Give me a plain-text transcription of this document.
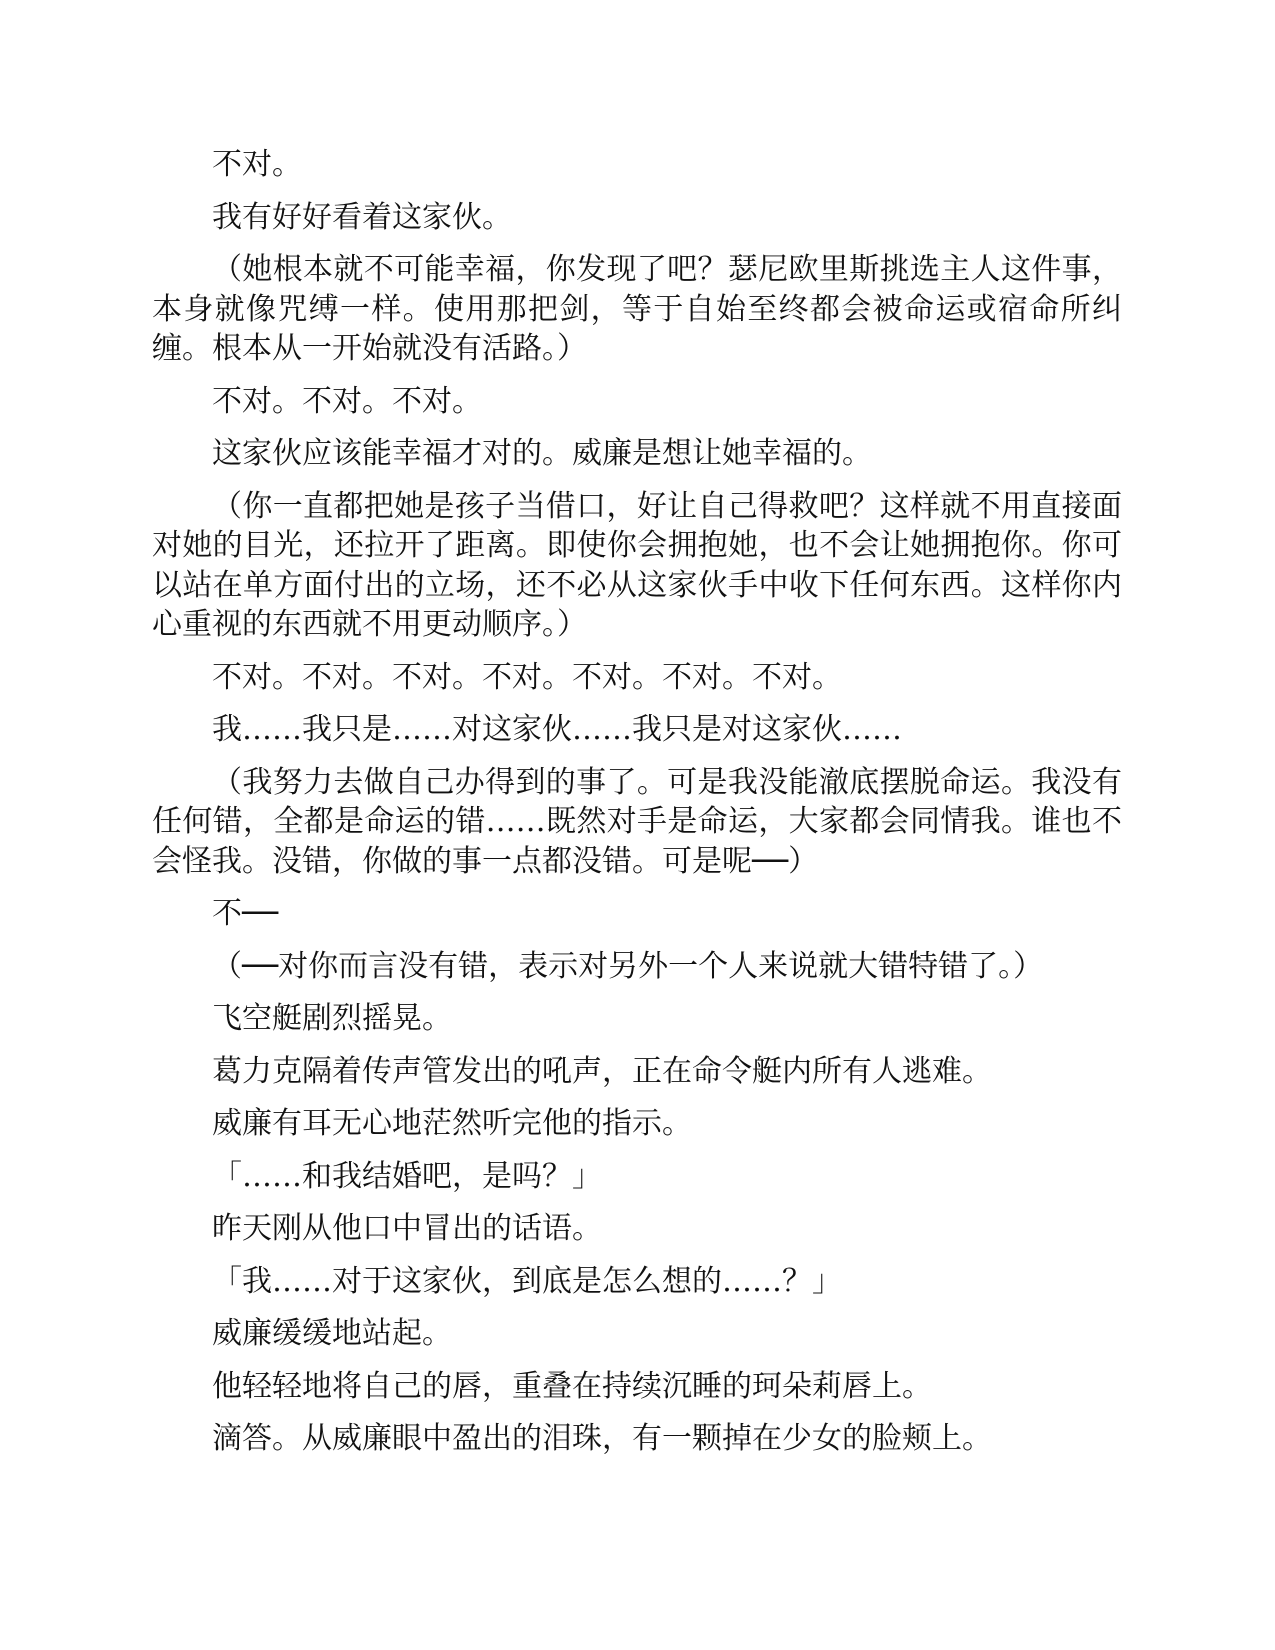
不对。

我有好好看着这家伙。

（她根本就不可能幸福，你发现了吧？瑟尼欧里斯挑选主人这件事，本身就像咒缚一样。使用那把剑，等于自始至终都会被命运或宿命所纠缠。根本从一开始就没有活路。）

不对。不对。不对。

这家伙应该能幸福才对的。威廉是想让她幸福的。

（你一直都把她是孩子当借口，好让自己得救吧？这样就不用直接面对她的目光，还拉开了距离。即使你会拥抱她，也不会让她拥抱你。你可以站在单方面付出的立场，还不必从这家伙手中收下任何东西。这样你内心重视的东西就不用更动顺序。）

不对。不对。不对。不对。不对。不对。不对。

我……我只是……对这家伙……我只是对这家伙……

（我努力去做自己办得到的事了。可是我没能澈底摆脱命运。我没有任何错，全都是命运的错……既然对手是命运，大家都会同情我。谁也不会怪我。没错，你做的事一点都没错。可是呢──）

不──

（──对你而言没有错，表示对另外一个人来说就大错特错了。）

飞空艇剧烈摇晃。

葛力克隔着传声管发出的吼声，正在命令艇内所有人逃难。

威廉有耳无心地茫然听完他的指示。

「……和我结婚吧，是吗？」

昨天刚从他口中冒出的话语。

「我……对于这家伙，到底是怎么想的……？」

威廉缓缓地站起。

他轻轻地将自己的唇，重叠在持续沉睡的珂朵莉唇上。

滴答。从威廉眼中盈出的泪珠，有一颗掉在少女的脸颊上。
